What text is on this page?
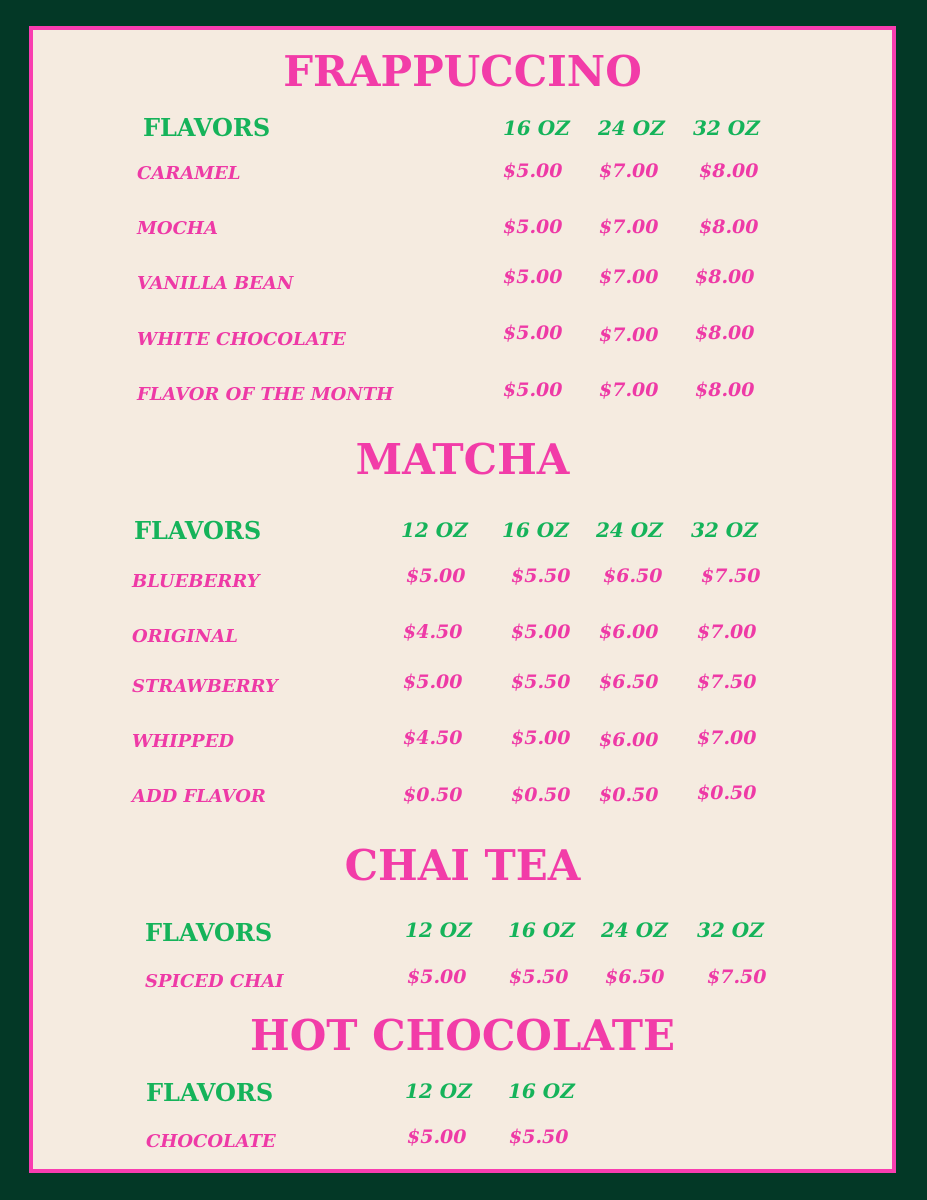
FRAPPUCCINO
FLAVORS	16 OZ 24 OZ 32 OZ
CARAMEL	$5.00 $7.00 $8.00
MOCHA	$5.00 $7.00 $8.00
VANILLA BEAN	$5.00 $7.00 $8.00
WHITE CHOCOLATE	$5.00 $7.00 $8.00
FLAVOR OF THE MONTH	$5.00 $7.00 $8.00
MATCHA
FLAVORS	12 OZ 16 OZ 24 OZ 32 OZ
BLUEBERRY	$5.00 $5.50 $6.50 $7.50
ORIGINAL	$4.50	$5.00 $6.00 $7.00
STRAWBERRY	$5.00	$5.50 $6.50 $7.50
WHIPPED	$4.50	$5.00 $6.00 $7.00
ADD FLAVOR	$0.50	$0.50 $0.50 $0.50
CHAI TEA
FLAVORS	12 OZ 16 OZ 24 OZ 32 OZ
SPICED CHAI	$5.00 $5.50 $6.50 $7.50
HOT CHOCOLATE
FLAVORS	12 OZ 16 OZ
CHOCOLATE	$5.00 $5.50
